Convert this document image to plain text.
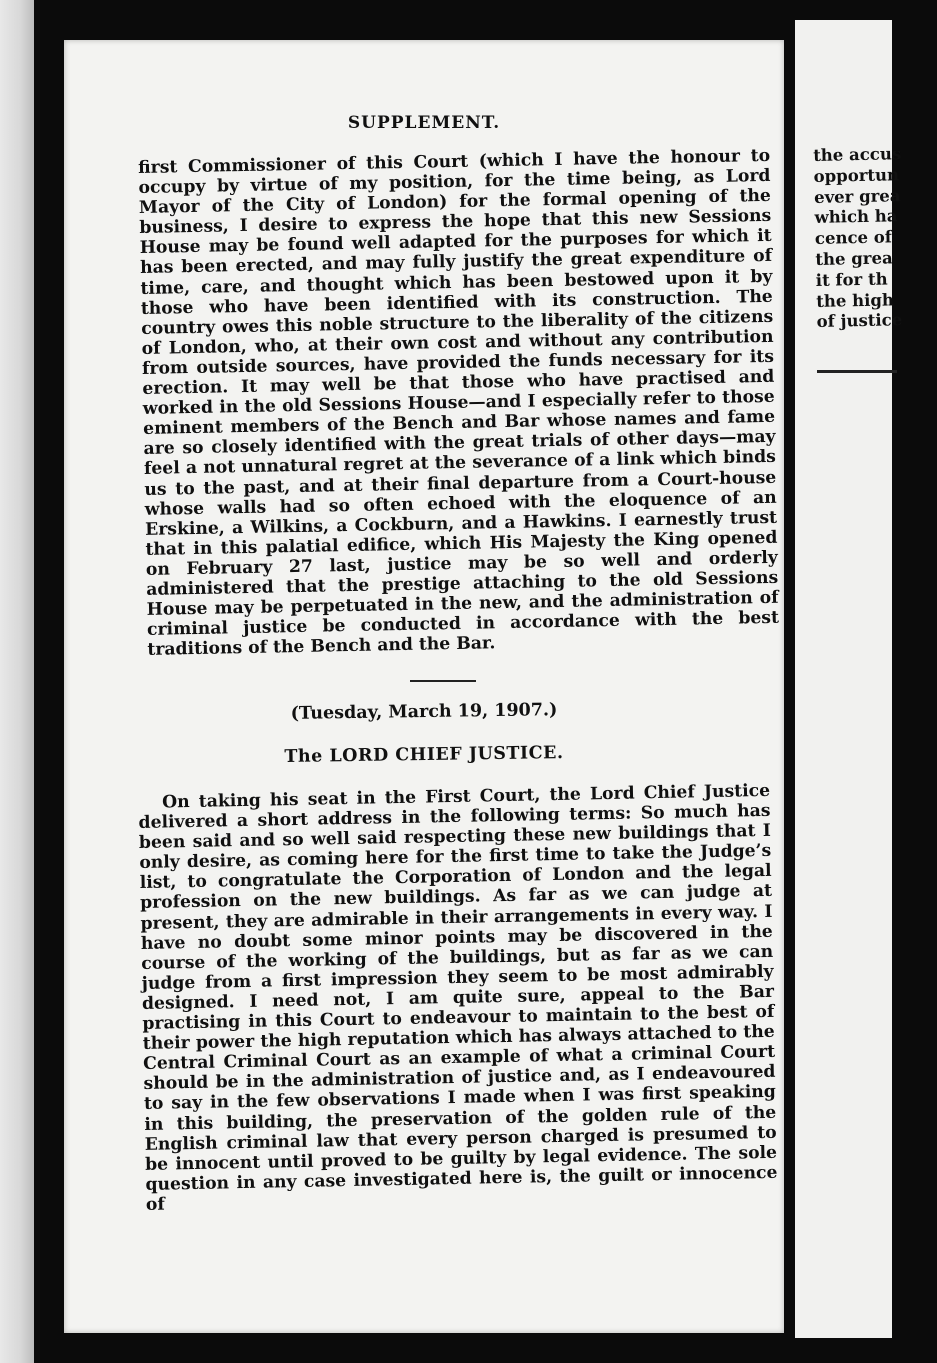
SUPPLEMENT.

first Commissioner of this Court (which I have the honour to occupy by virtue of my position, for the time being, as Lord Mayor of the City of London) for the formal opening of the business, I desire to express the hope that this new Sessions House may be found well adapted for the purposes for which it has been erected, and may fully justify the great expenditure of time, care, and thought which has been bestowed upon it by those who have been identified with its construction. The country owes this noble structure to the liberality of the citizens of London, who, at their own cost and without any contribution from outside sources, have provided the funds necessary for its erection. It may well be that those who have practised and worked in the old Sessions House—and I especially refer to those eminent members of the Bench and Bar whose names and fame are so closely identified with the great trials of other days—may feel a not unnatural regret at the severance of a link which binds us to the past, and at their final departure from a Court-house whose walls had so often echoed with the eloquence of an Erskine, a Wilkins, a Cockburn, and a Hawkins. I earnestly trust that in this palatial edifice, which His Majesty the King opened on February 27 last, justice may be so well and orderly administered that the prestige attaching to the old Sessions House may be perpetuated in the new, and the administration of criminal justice be conducted in accordance with the best traditions of the Bench and the Bar.

(Tuesday, March 19, 1907.)
The LORD CHIEF JUSTICE.

On taking his seat in the First Court, the Lord Chief Justice delivered a short address in the following terms: So much has been said and so well said respecting these new buildings that I only desire, as coming here for the first time to take the Judge’s list, to congratulate the Corporation of London and the legal profession on the new buildings. As far as we can judge at present, they are admirable in their arrangements in every way. I have no doubt some minor points may be discovered in the course of the working of the buildings, but as far as we can judge from a first impression they seem to be most admirably designed. I need not, I am quite sure, appeal to the Bar practising in this Court to endeavour to maintain to the best of their power the high reputation which has always attached to the Central Criminal Court as an example of what a criminal Court should be in the administration of justice and, as I endeavoured to say in the few observations I made when I was first speaking in this building, the preservation of the golden rule of the English criminal law that every person charged is presumed to be innocent until proved to be guilty by legal evidence. The sole question in any case investigated here is, the guilt or innocence of

the accus
opportun
ever grea
which ha
cence of
the grea
it for th
the high
of justice
